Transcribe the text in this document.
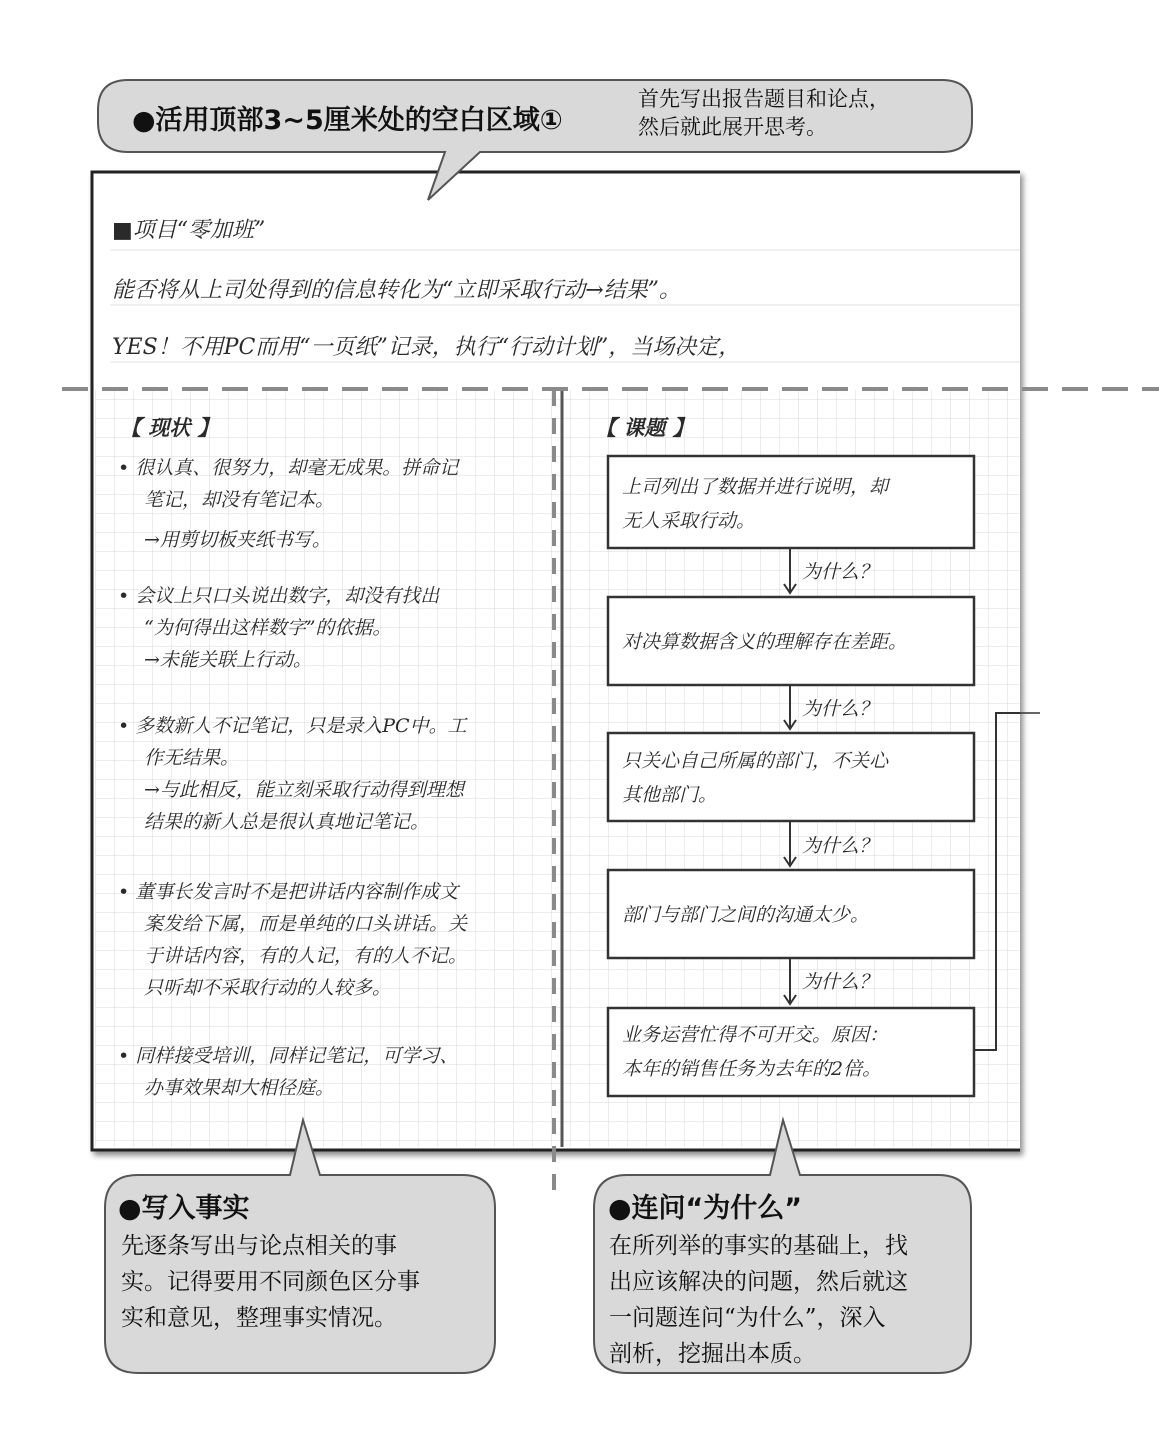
●活用顶部3~5厘米处的空白区域①
首先写出报告题目和论点，
然后就此展开思考。
■项目“零加班”
能否将从上司处得到的信息转化为“立即采取行动→结果”。
YES！不用PC而用“一页纸”记录，执行“行动计划”，当场决定，
【 现状 】
• 很认真、很努力，却毫无成果。拼命记
笔记，却没有笔记本。
→用剪切板夹纸书写。
• 会议上只口头说出数字，却没有找出
“为何得出这样数字”的依据。
→未能关联上行动。
• 多数新人不记笔记，只是录入PC中。工
作无结果。
→与此相反，能立刻采取行动得到理想
结果的新人总是很认真地记笔记。
• 董事长发言时不是把讲话内容制作成文
案发给下属，而是单纯的口头讲话。关
于讲话内容，有的人记，有的人不记。
只听却不采取行动的人较多。
• 同样接受培训，同样记笔记，可学习、
办事效果却大相径庭。
【 课题 】
上司列出了数据并进行说明，却
无人采取行动。
对决算数据含义的理解存在差距。
只关心自己所属的部门，不关心
其他部门。
部门与部门之间的沟通太少。
业务运营忙得不可开交。原因：
本年的销售任务为去年的2倍。
为什么？
为什么？
为什么？
为什么？
●写入事实
先逐条写出与论点相关的事
实。记得要用不同颜色区分事
实和意见，整理事实情况。
●连问“为什么”
在所列举的事实的基础上，找
出应该解决的问题，然后就这
一问题连问“为什么”，深入
剖析，挖掘出本质。
